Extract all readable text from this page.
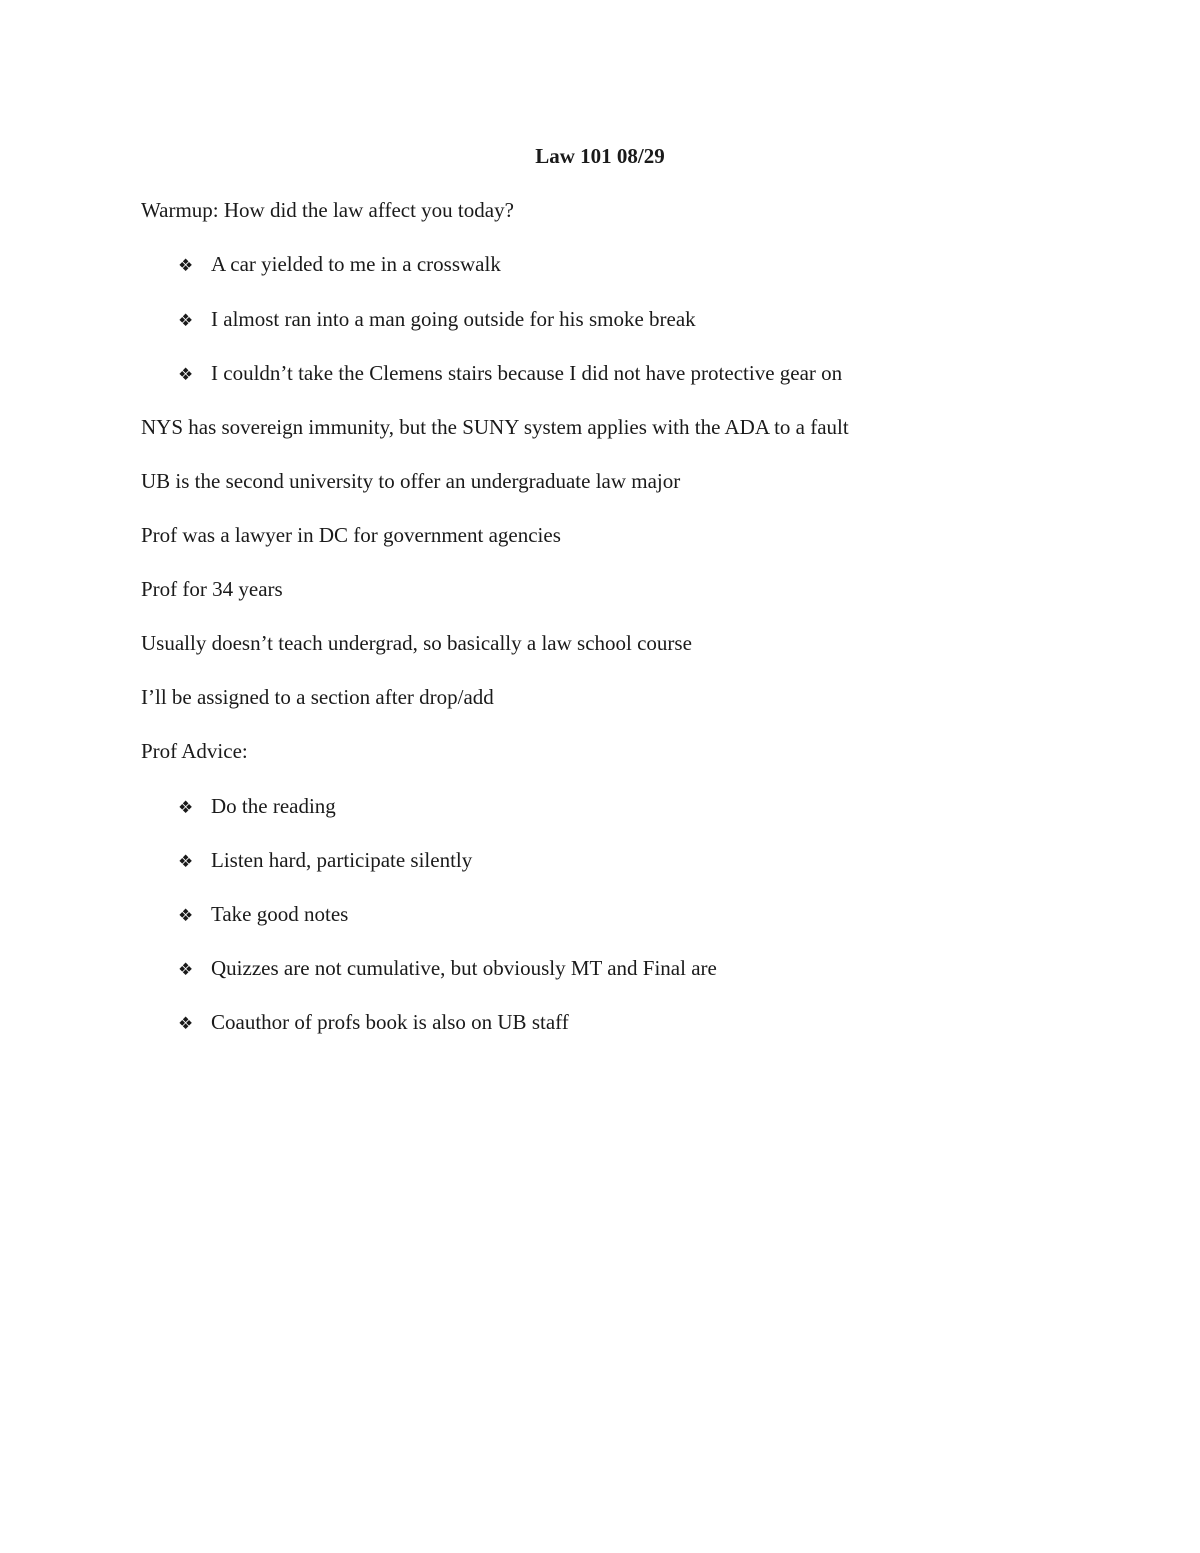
Law 101 08/29
Warmup: How did the law affect you today?
❖ A car yielded to me in a crosswalk
❖ I almost ran into a man going outside for his smoke break
❖ I couldn’t take the Clemens stairs because I did not have protective gear on
NYS has sovereign immunity, but the SUNY system applies with the ADA to a fault
UB is the second university to offer an undergraduate law major
Prof was a lawyer in DC for government agencies
Prof for 34 years
Usually doesn’t teach undergrad, so basically a law school course
I’ll be assigned to a section after drop/add
Prof Advice:
❖ Do the reading
❖ Listen hard, participate silently
❖ Take good notes
❖ Quizzes are not cumulative, but obviously MT and Final are
❖ Coauthor of profs book is also on UB staff
